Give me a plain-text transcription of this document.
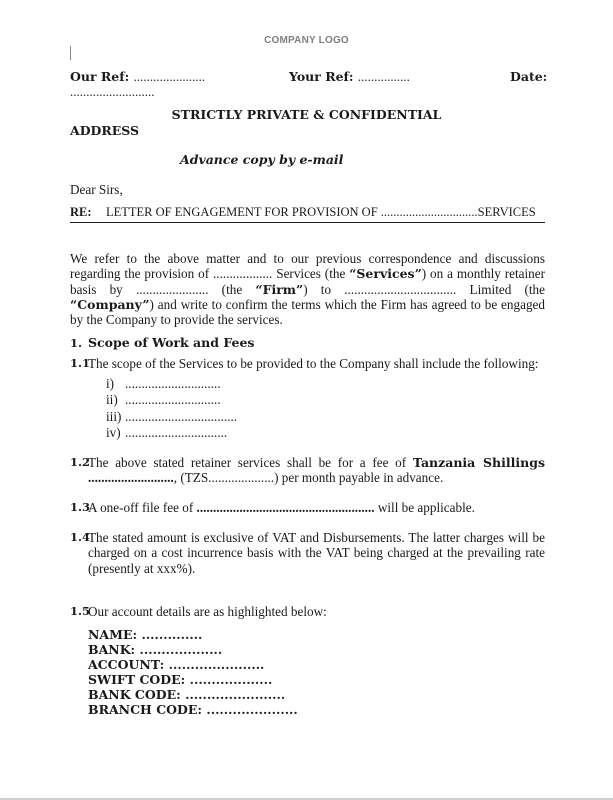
COMPANY LOGO
Our Ref: ......................	Your Ref: ................	Date:
..........................
STRICTLY PRIVATE & CONFIDENTIAL
ADDRESS
Advance copy by e-mail
Dear Sirs,
RE: LETTER OF ENGAGEMENT FOR PROVISION OF ...............................SERVICES
We refer to the above matter and to our previous correspondence and discussions regarding the provision of .................. Services (the “Services”) on a monthly retainer basis by ...................... (the “Firm”) to .................................. Limited (the “Company”) and write to confirm the terms which the Firm has agreed to be engaged by the Company to provide the services.
1. Scope of Work and Fees
1.1
The scope of the Services to be provided to the Company shall include the following:
i) .............................
ii) .............................
iii) ..................................
iv) ...............................
1.2
The above stated retainer services shall be for a fee of Tanzania Shillings .........................., (TZS....................) per month payable in advance.
1.3
A one-off file fee of ...................................................... will be applicable.
1.4
The stated amount is exclusive of VAT and Disbursements. The latter charges will be charged on a cost incurrence basis with the VAT being charged at the prevailing rate (presently at xxx%).
1.5
Our account details are as highlighted below:
NAME: ..............
BANK: ...................
ACCOUNT: ......................
SWIFT CODE: ...................
BANK CODE: .......................
BRANCH CODE: .....................
